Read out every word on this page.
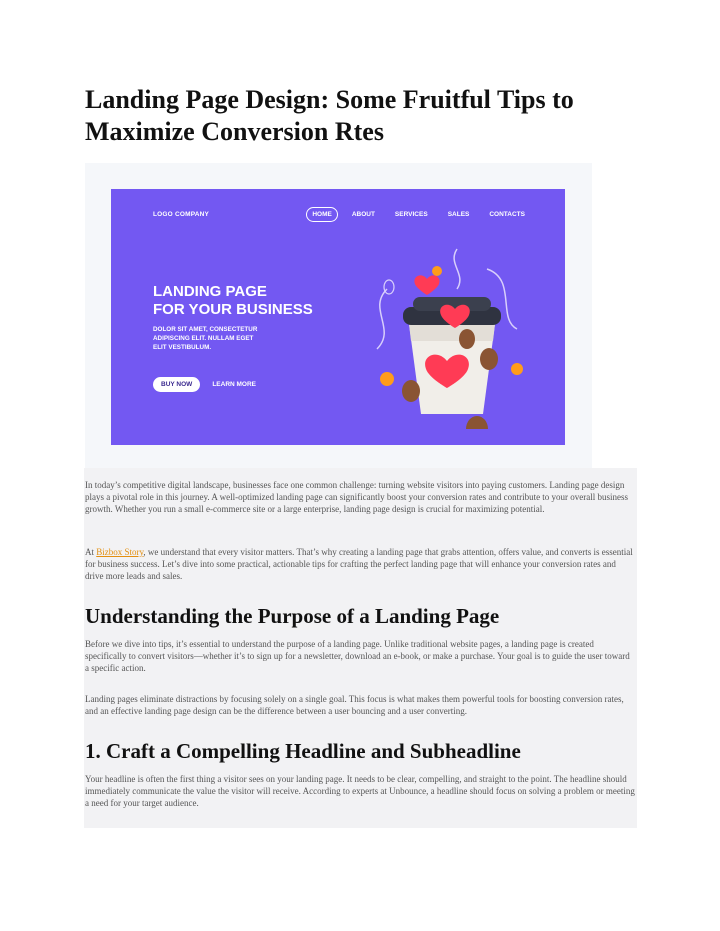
Landing Page Design: Some Fruitful Tips to Maximize Conversion Rtes
LOGO COMPANY	HOME	ABOUT	SERVICES	SALES	CONTACTS
LANDING PAGE
FOR YOUR BUSINESS
DOLOR SIT AMET, CONSECTETUR
ADIPISCING ELIT. NULLAM EGET
ELIT VESTIBULUM.
BUY NOW	LEARN MORE

In today’s competitive digital landscape, businesses face one common challenge: turning website visitors into paying customers. Landing page design plays a pivotal role in this journey. A well-optimized landing page can significantly boost your conversion rates and contribute to your overall business growth. Whether you run a small e-commerce site or a large enterprise, landing page design is crucial for maximizing potential.

At Bizbox Story, we understand that every visitor matters. That’s why creating a landing page that grabs attention, offers value, and converts is essential for business success. Let’s dive into some practical, actionable tips for crafting the perfect landing page that will enhance your conversion rates and drive more leads and sales.

Understanding the Purpose of a Landing Page

Before we dive into tips, it’s essential to understand the purpose of a landing page. Unlike traditional website pages, a landing page is created specifically to convert visitors—whether it’s to sign up for a newsletter, download an e-book, or make a purchase. Your goal is to guide the user toward a specific action.

Landing pages eliminate distractions by focusing solely on a single goal. This focus is what makes them powerful tools for boosting conversion rates, and an effective landing page design can be the difference between a user bouncing and a user converting.

1. Craft a Compelling Headline and Subheadline

Your headline is often the first thing a visitor sees on your landing page. It needs to be clear, compelling, and straight to the point. The headline should immediately communicate the value the visitor will receive. According to experts at Unbounce, a headline should focus on solving a problem or meeting a need for your target audience.
